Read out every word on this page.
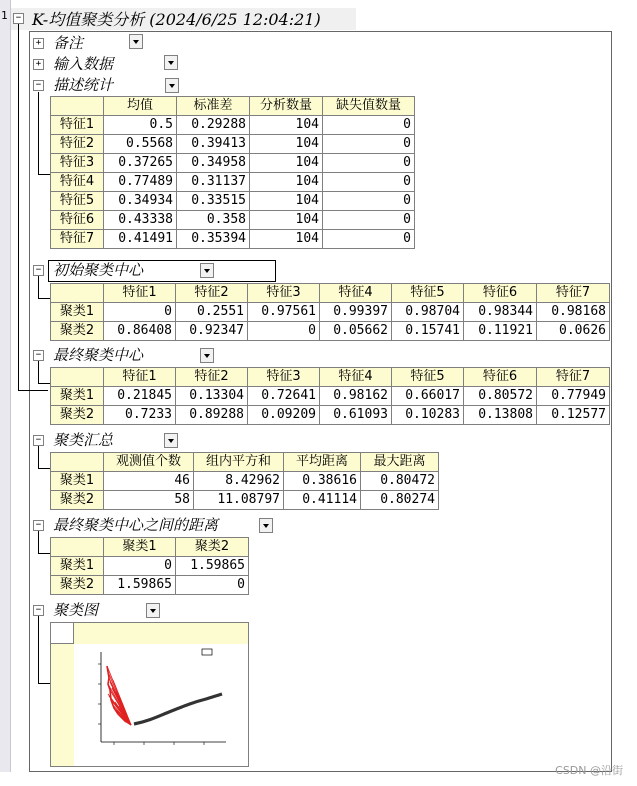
1 − K-均值聚类分析 (2024/6/25 12:04:21)
+ 备注
+ 输入数据
− 描述统计
	均值	标准差	分析数量	缺失值数量
特征1	0.5	0.29288	104	0
特征2	0.5568	0.39413	104	0
特征3	0.37265	0.34958	104	0
特征4	0.77489	0.31137	104	0
特征5	0.34934	0.33515	104	0
特征6	0.43338	0.358	104	0
特征7	0.41491	0.35394	104	0
− 初始聚类中心
	特征1	特征2	特征3	特征4	特征5	特征6	特征7
聚类1	0	0.2551	0.97561	0.99397	0.98704	0.98344	0.98168
聚类2	0.86408	0.92347	0	0.05662	0.15741	0.11921	0.0626
− 最终聚类中心
	特征1	特征2	特征3	特征4	特征5	特征6	特征7
聚类1	0.21845	0.13304	0.72641	0.98162	0.66017	0.80572	0.77949
聚类2	0.7233	0.89288	0.09209	0.61093	0.10283	0.13808	0.12577
− 聚类汇总
	观测值个数	组内平方和	平均距离	最大距离
聚类1	46	8.42962	0.38616	0.80472
聚类2	58	11.08797	0.41114	0.80274
− 最终聚类中心之间的距离
	聚类1	聚类2
聚类1	0	1.59865
聚类2	1.59865	0
− 聚类图
CSDN @沿街
